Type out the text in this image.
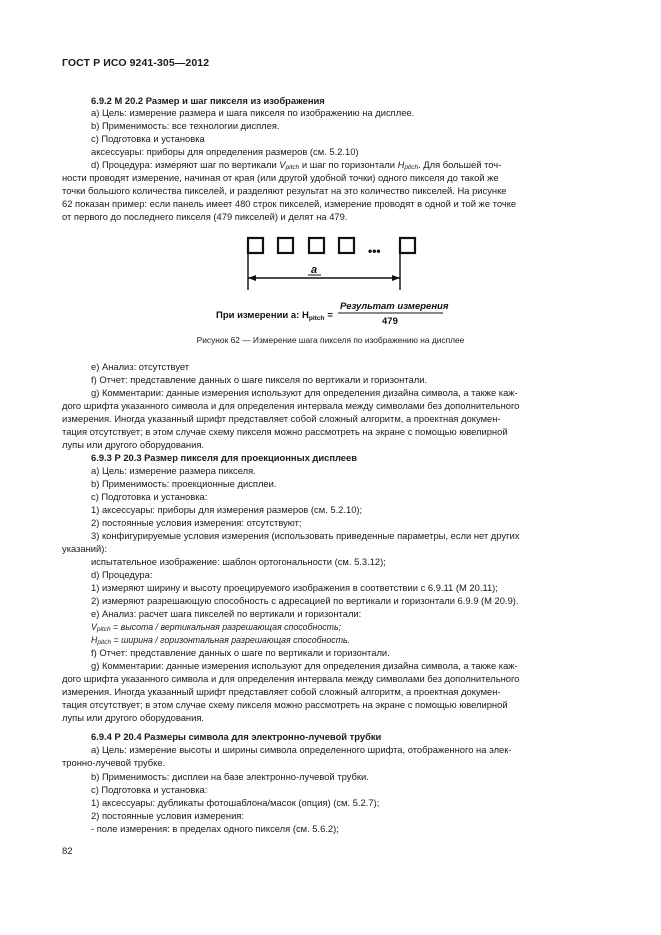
ГОСТ Р ИСО 9241-305—2012
6.9.2 М 20.2 Размер и шаг пикселя из изображения
a) Цель: измерение размера и шага пикселя по изображению на дисплее.
b) Применимость: все технологии дисплея.
c) Подготовка и установка
аксессуары: приборы для определения размеров (см. 5.2.10)
d) Процедура: измеряют шаг по вертикали Vpitch и шаг по горизонтали Hpitch. Для большей точ-
ности проводят измерение, начиная от края (или другой удобной точки) одного пикселя до такой же
точки большого количества пикселей, и разделяют результат на это количество пикселей. На рисунке
62 показан пример: если панель имеет 480 строк пикселей, измерение проводят в одной и той же точке
от первого до последнего пикселя (479 пикселей) и делят на 479.
•••
a
При измерении a: $H_{pitch}$ =
Результат измерения
479
Рисунок 62 — Измерение шага пикселя по изображению на дисплее
e) Анализ: отсутствует
f) Отчет: представление данных о шаге пикселя по вертикали и горизонтали.
g) Комментарии: данные измерения используют для определения дизайна символа, а также каж-
дого шрифта указанного символа и для определения интервала между символами без дополнительного
измерения. Иногда указанный шрифт представляет собой сложный алгоритм, а проектная докумен-
тация отсутствует; в этом случае схему пикселя можно рассмотреть на экране с помощью ювелирной
лупы или другого оборудования.
6.9.3 Р 20.3 Размер пикселя для проекционных дисплеев
a) Цель: измерение размера пикселя.
b) Применимость: проекционные дисплеи.
c) Подготовка и установка:
1) аксессуары: приборы для измерения размеров (см. 5.2.10);
2) постоянные условия измерения: отсутствуют;
3) конфигурируемые условия измерения (использовать приведенные параметры, если нет других
указаний):
испытательное изображение: шаблон ортогональности (см. 5.3.12);
d) Процедура:
1) измеряют ширину и высоту проецируемого изображения в соответствии с 6.9.11 (М 20.11);
2) измеряют разрешающую способность с адресацией по вертикали и горизонтали 6.9.9 (М 20.9).
e) Анализ: расчет шага пикселей по вертикали и горизонтали:
Vpitch = высота / вертикальная разрешающая способность;
Hpitch = ширина / горизонтальная разрешающая способность.
f) Отчет: представление данных о шаге по вертикали и горизонтали.
g) Комментарии: данные измерения используют для определения дизайна символа, а также каж-
дого шрифта указанного символа и для определения интервала между символами без дополнительного
измерения. Иногда указанный шрифт представляет собой сложный алгоритм, а проектная докумен-
тация отсутствует; в этом случае схему пикселя можно рассмотреть на экране с помощью ювелирной
лупы или другого оборудования.
6.9.4 Р 20.4 Размеры символа для электронно-лучевой трубки
a) Цель: измерение высоты и ширины символа определенного шрифта, отображенного на элек-
тронно-лучевой трубке.
b) Применимость: дисплеи на базе электронно-лучевой трубки.
c) Подготовка и установка:
1) аксессуары: дубликаты фотошаблона/масок (опция) (см. 5.2.7);
2) постоянные условия измерения:
- поле измерения: в пределах одного пикселя (см. 5.6.2);
82
